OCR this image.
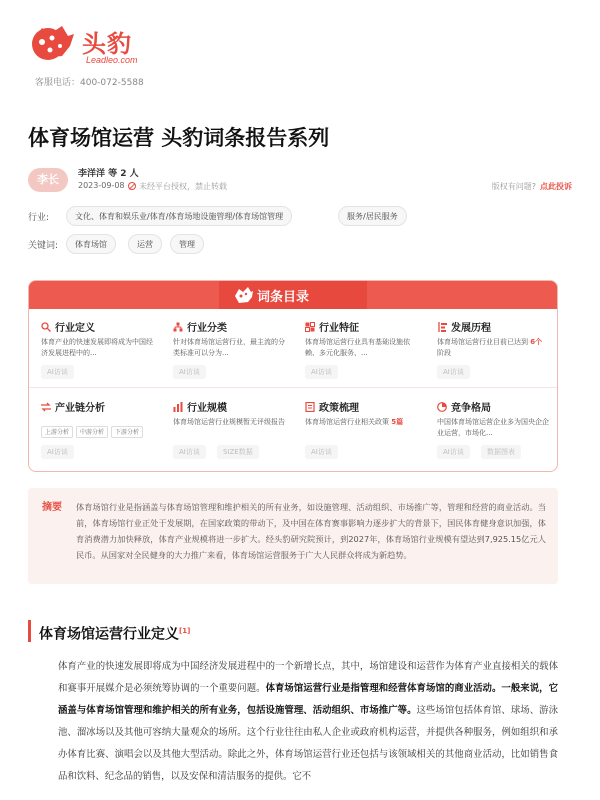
头豹
Leadleo.com
客服电话：400-072-5588
体育场馆运营 头豹词条报告系列
李长	李洋洋 等 2 人
2023-09-08	未经平台授权，禁止转载	版权有问题? 点此投诉
行业:	文化、体育和娱乐业/体育/体育场地设施管理/体育场馆管理	服务/居民服务
关键词:	体育场馆	运营	管理
词条目录
行业定义
体育产业的快速发展即将成为中国经济发展进程中的...
AI访谈
行业分类
针对体育场馆运营行业，最主流的分类标准可以分为...
AI访谈
行业特征
体育场馆运营行业具有基础设施依赖、多元化服务、...
AI访谈
发展历程
体育场馆运营行业目前已达到 6个阶段
AI访谈
产业链分析
上游分析 中游分析 下游分析
AI访谈
行业规模
体育场馆运营行业规模暂无评级报告
AI访谈	SIZE数据
政策梳理
体育场馆运营行业相关政策 5篇
AI访谈
竞争格局
中国体育场馆运营企业多为国央企企业运营，市场化...
AI访谈	数据图表
摘要 体育场馆行业是指涵盖与体育场馆管理和维护相关的所有业务，如设施管理、活动组织、市场推广等，管理和经营的商业活动。当前，体育场馆行业正处于发展期，在国家政策的带动下，及中国在体育赛事影响力逐步扩大的背景下，国民体育健身意识加强，体育消费潜力加快释放，体育产业规模将进一步扩大。经头豹研究院预计，到2027年，体育场馆行业规模有望达到7,925.15亿元人民币。从国家对全民健身的大力推广来看，体育场馆运营服务于广大人民群众将成为新趋势。
体育场馆运营行业定义[1]
体育产业的快速发展即将成为中国经济发展进程中的一个新增长点，其中，场馆建设和运营作为体育产业直接相关的载体和赛事开展媒介是必须统筹协调的一个重要问题。体育场馆运营行业是指管理和经营体育场馆的商业活动。一般来说，它涵盖与体育场馆管理和维护相关的所有业务，包括设施管理、活动组织、市场推广等。这些场馆包括体育馆、球场、游泳池、溜冰场以及其他可容纳大量观众的场所。这个行业往往由私人企业或政府机构运营，并提供各种服务，例如组织和承办体育比赛、演唱会以及其他大型活动。除此之外，体育场馆运营行业还包括与该领域相关的其他商业活动，比如销售食品和饮料、纪念品的销售，以及安保和清洁服务的提供。它不
